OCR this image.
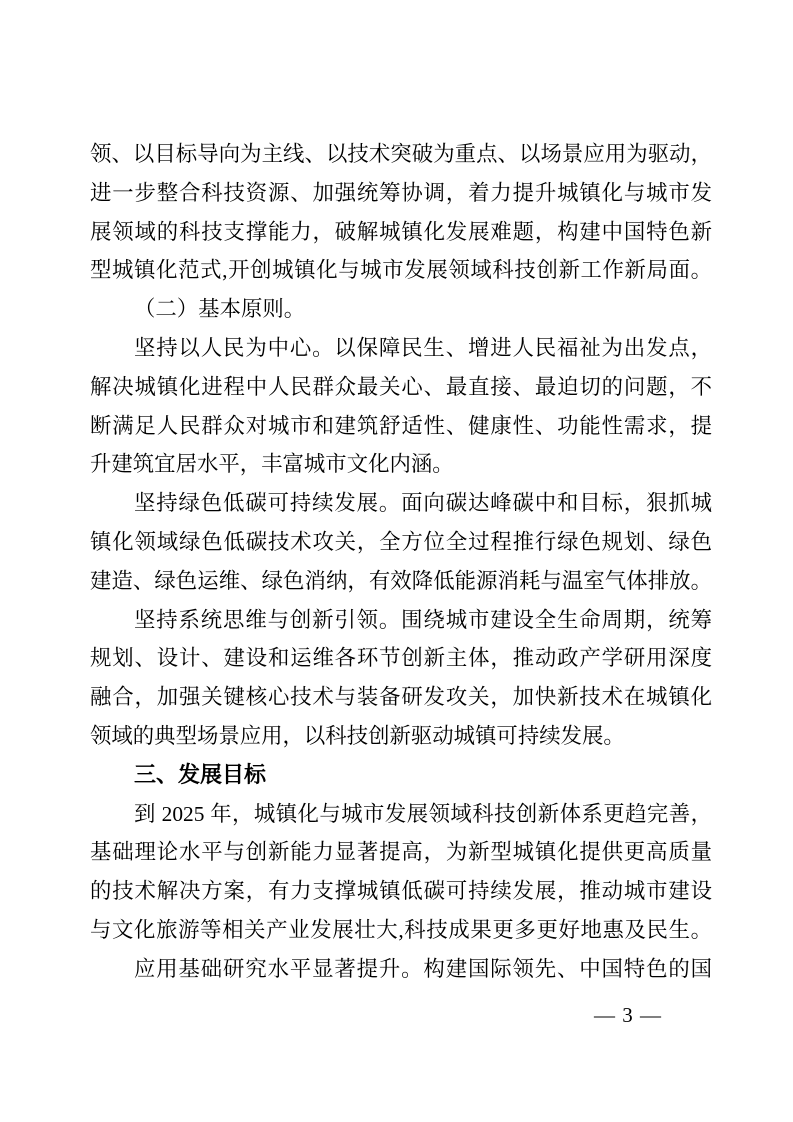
领、以目标导向为主线、以技术突破为重点、以场景应用为驱动，
进一步整合科技资源、加强统筹协调，着力提升城镇化与城市发
展领域的科技支撑能力，破解城镇化发展难题，构建中国特色新
型城镇化范式,开创城镇化与城市发展领域科技创新工作新局面。
（二）基本原则。
坚持以人民为中心。以保障民生、增进人民福祉为出发点，
解决城镇化进程中人民群众最关心、最直接、最迫切的问题，不
断满足人民群众对城市和建筑舒适性、健康性、功能性需求，提
升建筑宜居水平，丰富城市文化内涵。
坚持绿色低碳可持续发展。面向碳达峰碳中和目标，狠抓城
镇化领域绿色低碳技术攻关，全方位全过程推行绿色规划、绿色
建造、绿色运维、绿色消纳，有效降低能源消耗与温室气体排放。
坚持系统思维与创新引领。围绕城市建设全生命周期，统筹
规划、设计、建设和运维各环节创新主体，推动政产学研用深度
融合，加强关键核心技术与装备研发攻关，加快新技术在城镇化
领域的典型场景应用，以科技创新驱动城镇可持续发展。
三、发展目标
到 2025 年，城镇化与城市发展领域科技创新体系更趋完善，
基础理论水平与创新能力显著提高，为新型城镇化提供更高质量
的技术解决方案，有力支撑城镇低碳可持续发展，推动城市建设
与文化旅游等相关产业发展壮大,科技成果更多更好地惠及民生。
应用基础研究水平显著提升。构建国际领先、中国特色的国
— 3 —
